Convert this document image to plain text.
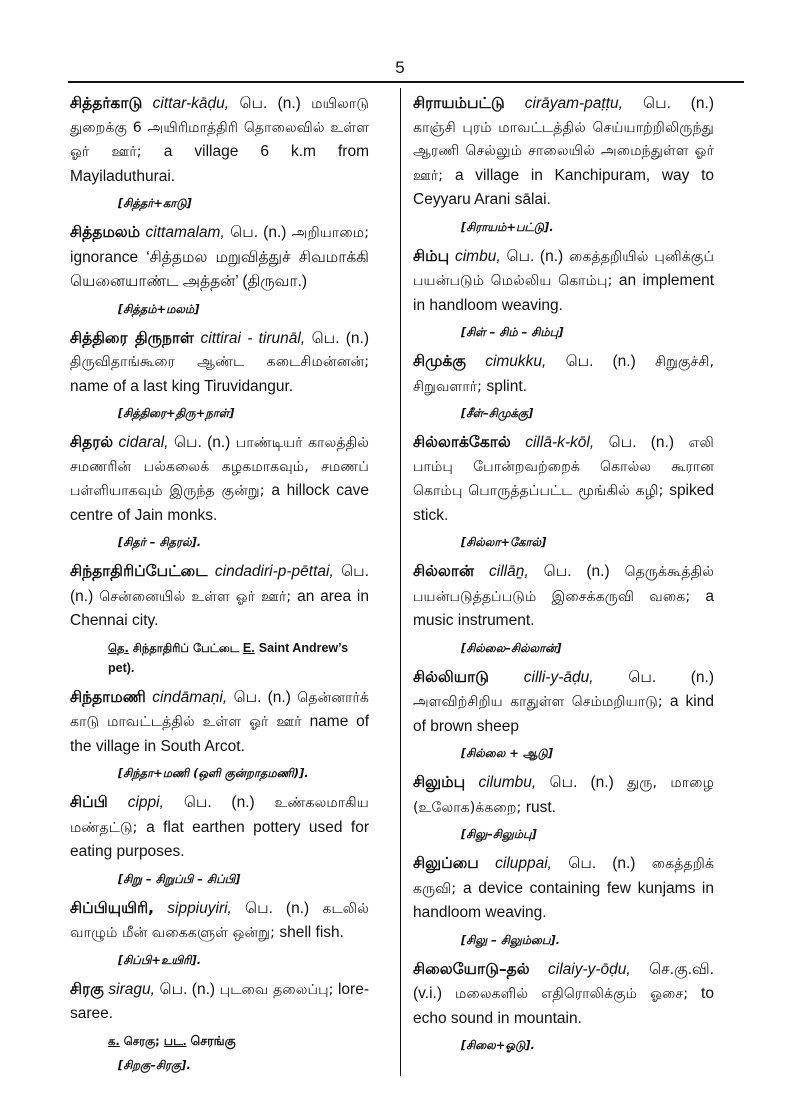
5

சித்தர்காடு cittar-kāḍu, பெ. (n.) மயிலாடு துறைக்கு 6 அயிரிமாத்திரி தொலைவில் உள்ள ஓர் ஊர்; a village 6 k.m from Mayiladuthurai.

[சித்தர்+காடு]

சித்தமலம் cittamalam, பெ. (n.) அறியாமை; ignorance ‘சித்தமல மறுவித்துச் சிவமாக்கி யெனையாண்ட அத்தன்’ (திருவா.)

[சித்தம்+மலம்]

சித்திரை திருநாள் cittirai - tirunāl, பெ. (n.) திருவிதாங்கூரை ஆண்ட கடைசிமன்னன்; name of a last king Tiruvidangur.

[சித்திரை+திரு+நாள்]

சிதரல் cidaral, பெ. (n.) பாண்டியர் காலத்தில் சமணரின் பல்கலைக் கழகமாகவும், சமணப் பள்ளியாகவும் இருந்த குன்று; a hillock cave centre of Jain monks.

[சிதர் – சிதரல்].

சிந்தாதிரிப்பேட்டை cindadiri-p-pēttai, பெ. (n.) சென்னையில் உள்ள ஓர் ஊர்; an area in Chennai city.

தெ. சிந்தாதிரிப் பேட்டை E. Saint Andrew’s pet).

சிந்தாமணி cindāmaṇi, பெ. (n.) தென்னார்க் காடு மாவட்டத்தில் உள்ள ஓர் ஊர் name of the village in South Arcot.

[சிந்தா+மணி (ஒளி குன்றாதமணி)].

சிப்பி cippi, பெ. (n.) உண்கலமாகிய மண்தட்டு; a flat earthen pottery used for eating purposes.

[சிறு – சிறுப்பி – சிப்பி]

சிப்பியுயிரி, sippiuyiri, பெ. (n.) கடலில் வாழும் மீன் வகைகளுள் ஒன்று; shell fish.

[சிப்பி+உயிரி].

சிரகு siragu, பெ. (n.) புடவை தலைப்பு; lore-saree.

க. செரகு; பட. செரங்கு
[சிறகு–சிரகு].

சிராயம்பட்டு cirāyam-paṭṭu, பெ. (n.) காஞ்சி புரம் மாவட்டத்தில் செய்யாற்றிலிருந்து ஆரணி செல்லும் சாலையில் அமைந்துள்ள ஓர் ஊர்; a village in Kanchipuram, way to Ceyyaru Arani sālai.

[சிராயம்+பட்டு].

சிம்பு cimbu, பெ. (n.) கைத்தறியில் புனிக்குப் பயன்படும் மெல்லிய கொம்பு; an implement in handloom weaving.

[சிள் – சிம் – சிம்பு]

சிமுக்கு cimukku, பெ. (n.) சிறுகுச்சி, சிறுவளார்; splint.

[சீள்–சிமுக்கு]

சில்லாக்கோல் cillā-k-kōl, பெ. (n.) எலி பாம்பு போன்றவற்றைக் கொல்ல கூரான கொம்பு பொருத்தப்பட்ட மூங்கில் கழி; spiked stick.

[சில்லா+கோல்]

சில்லான் cillāṉ, பெ. (n.) தெருக்கூத்தில் பயன்படுத்தப்படும் இசைக்கருவி வகை; a music instrument.

[சில்லை–சில்லான்]

சில்லியாடு cilli-y-āḍu, பெ. (n.) அளவிற்சிறிய காதுள்ள செம்மறியாடு; a kind of brown sheep

[சில்லை + ஆடு]

சிலும்பு cilumbu, பெ. (n.) துரு, மாழை (உலோக)க்கறை; rust.

[சிலு–சிலும்பு]

சிலுப்பை ciluppai, பெ. (n.) கைத்தறிக் கருவி; a device containing few kunjams in handloom weaving.

[சிலு – சிலும்பை].

சிலையோடு–தல் cilaiy-y-ōḍu, செ.கு.வி. (v.i.) மலைகளில் எதிரொலிக்கும் ஓசை; to echo sound in mountain.

[சிலை+ஓடு].
